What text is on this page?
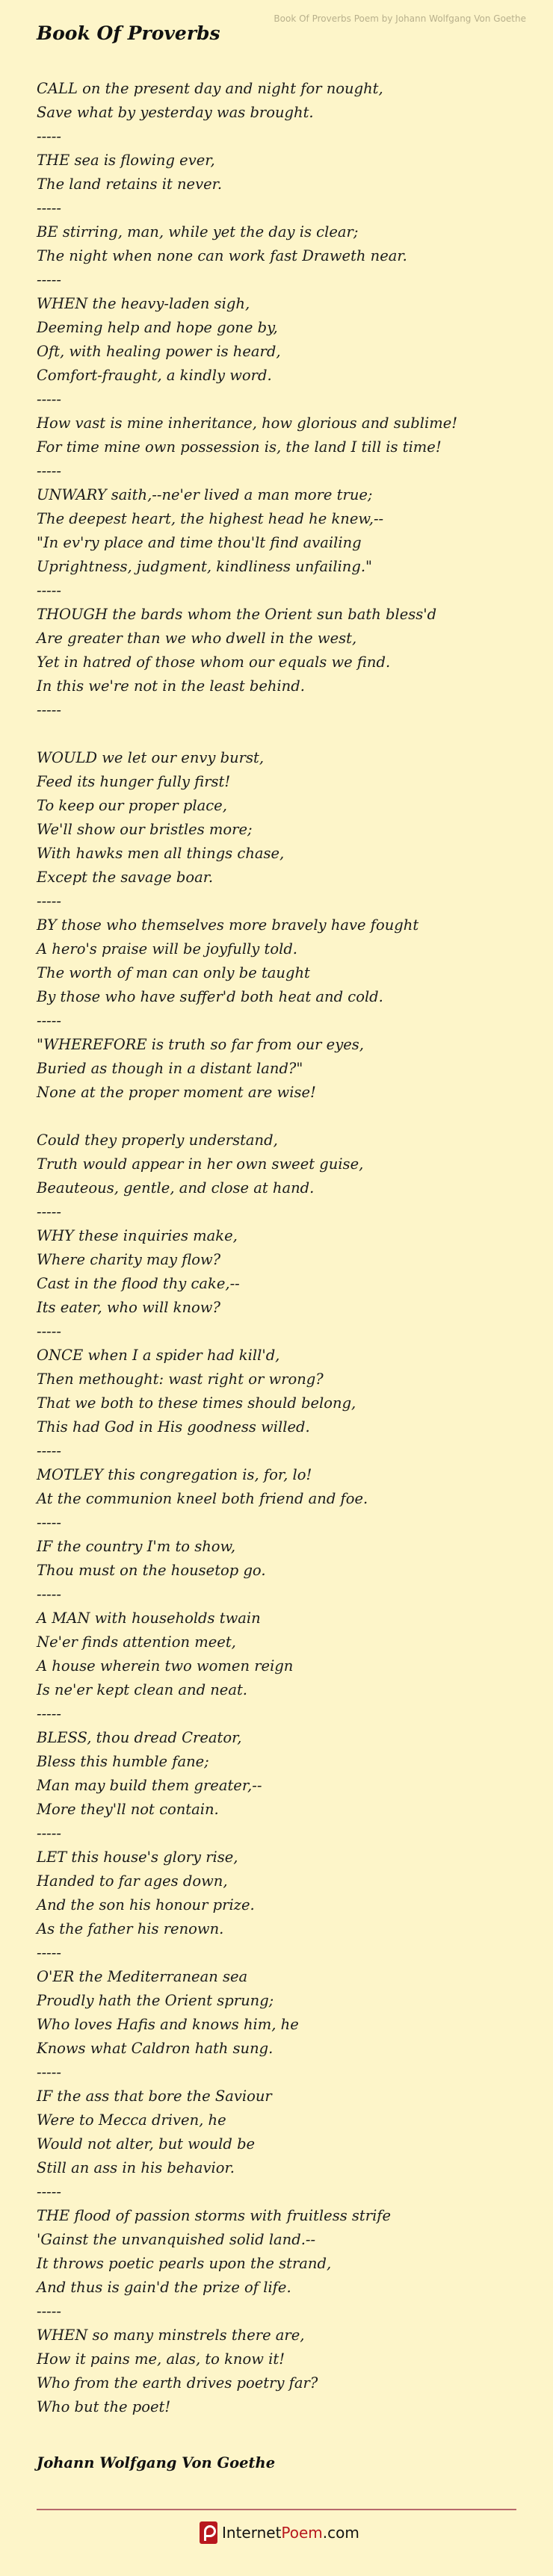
Book Of Proverbs Poem by Johann Wolfgang Von Goethe
Book Of Proverbs
CALL on the present day and night for nought,
Save what by yesterday was brought.
-----
THE sea is flowing ever,
The land retains it never.
-----
BE stirring, man, while yet the day is clear;
The night when none can work fast Draweth near.
-----
WHEN the heavy-laden sigh,
Deeming help and hope gone by,
Oft, with healing power is heard,
Comfort-fraught, a kindly word.
-----
How vast is mine inheritance, how glorious and sublime!
For time mine own possession is, the land I till is time!
-----
UNWARY saith,--ne'er lived a man more true;
The deepest heart, the highest head he knew,--
"In ev'ry place and time thou'lt find availing
Uprightness, judgment, kindliness unfailing."
-----
THOUGH the bards whom the Orient sun bath bless'd
Are greater than we who dwell in the west,
Yet in hatred of those whom our equals we find.
In this we're not in the least behind.
-----

WOULD we let our envy burst,
Feed its hunger fully first!
To keep our proper place,
We'll show our bristles more;
With hawks men all things chase,
Except the savage boar.
-----
BY those who themselves more bravely have fought
A hero's praise will be joyfully told.
The worth of man can only be taught
By those who have suffer'd both heat and cold.
-----
"WHEREFORE is truth so far from our eyes,
Buried as though in a distant land?"
None at the proper moment are wise!

Could they properly understand,
Truth would appear in her own sweet guise,
Beauteous, gentle, and close at hand.
-----
WHY these inquiries make,
Where charity may flow?
Cast in the flood thy cake,--
Its eater, who will know?
-----
ONCE when I a spider had kill'd,
Then methought: wast right or wrong?
That we both to these times should belong,
This had God in His goodness willed.
-----
MOTLEY this congregation is, for, lo!
At the communion kneel both friend and foe.
-----
IF the country I'm to show,
Thou must on the housetop go.
-----
A MAN with households twain
Ne'er finds attention meet,
A house wherein two women reign
Is ne'er kept clean and neat.
-----
BLESS, thou dread Creator,
Bless this humble fane;
Man may build them greater,--
More they'll not contain.
-----
LET this house's glory rise,
Handed to far ages down,
And the son his honour prize.
As the father his renown.
-----
O'ER the Mediterranean sea
Proudly hath the Orient sprung;
Who loves Hafis and knows him, he
Knows what Caldron hath sung.
-----
IF the ass that bore the Saviour
Were to Mecca driven, he
Would not alter, but would be
Still an ass in his behavior.
-----
THE flood of passion storms with fruitless strife
'Gainst the unvanquished solid land.--
It throws poetic pearls upon the strand,
And thus is gain'd the prize of life.
-----
WHEN so many minstrels there are,
How it pains me, alas, to know it!
Who from the earth drives poetry far?
Who but the poet!
Johann Wolfgang Von Goethe
InternetPoem.com
